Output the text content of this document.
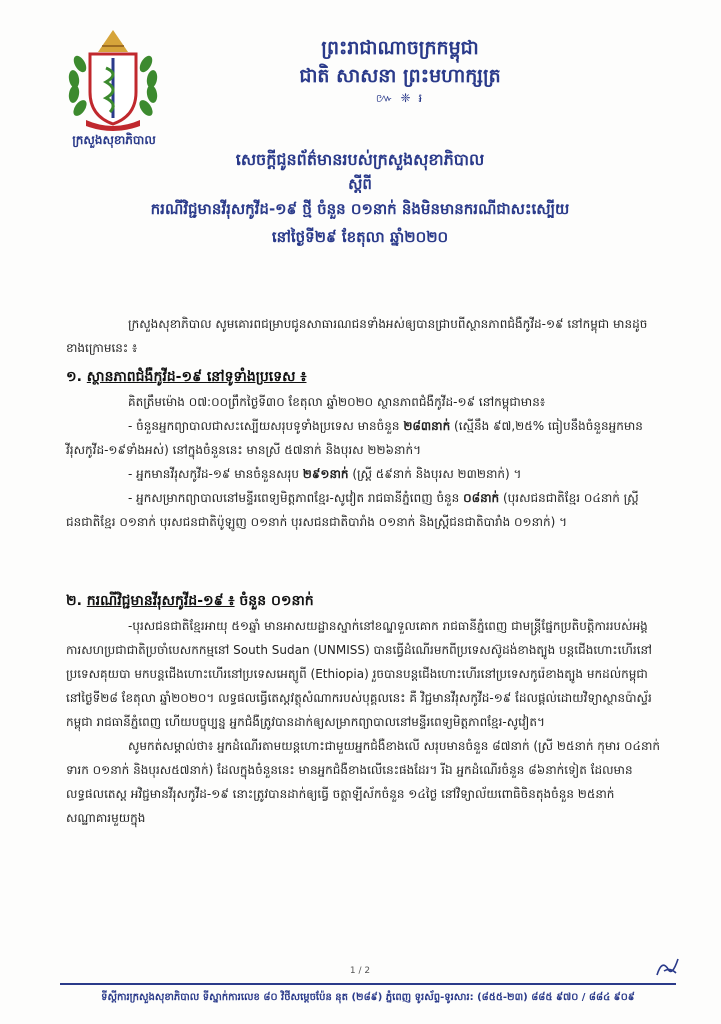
ក្រសួងសុខាភិបាល
ព្រះរាជាណាចក្រកម្ពុជា
ជាតិ សាសនា ព្រះមហាក្សត្រ
៚ ❈ ៛
សេចក្តីជូនព័ត៌មានរបស់ក្រសួងសុខាភិបាល
ស្តីពី
ករណីវិជ្ជមានវីរុសកូវីដ-១៩ ថ្មី ចំនួន ០១នាក់ និងមិនមានករណីជាសះស្បើយ
នៅថ្ងៃទី២៩ ខែតុលា ឆ្នាំ២០២០
ក្រសួងសុខាភិបាល សូមគោរពជម្រាបជូនសាធារណជនទាំងអស់ឲ្យបានជ្រាបពីស្ថានភាពជំងឺកូវីដ-១៩ នៅកម្ពុជា មានដូចខាងក្រោមនេះ ៖
១. ស្ថានភាពជំងឺកូវីដ-១៩ នៅទូទាំងប្រទេស ៖
គិតត្រឹមម៉ោង ០៧:០០ព្រឹកថ្ងៃទី៣០ ខែតុលា ឆ្នាំ២០២០ ស្ថានភាពជំងឺកូវីដ-១៩ នៅកម្ពុជាមាន៖
- ចំនួនអ្នកព្យាបាលជាសះស្បើយសរុបទូទាំងប្រទេស មានចំនួន ២៨៣នាក់ (ស្មើនឹង ៩៧,២៥% ធៀបនឹងចំនួនអ្នកមានវីរុសកូវីដ-១៩ទាំងអស់) នៅក្នុងចំនួននេះ មានស្រី ៥៧នាក់ និងបុរស ២២៦នាក់។
- អ្នកមានវីរុសកូវីដ-១៩ មានចំនួនសរុប ២៩១នាក់ (ស្ត្រី ៥៩នាក់ និងបុរស ២៣២នាក់) ។
- អ្នកសម្រាកព្យាបាលនៅមន្ទីរពេទ្យមិត្តភាពខ្មែរ-សូវៀត រាជធានីភ្នំពេញ ចំនួន ០៨នាក់ (បុរសជនជាតិខ្មែរ ០៤នាក់ ស្ត្រីជនជាតិខ្មែរ ០១នាក់ បុរសជនជាតិប៉ូឡូញ ០១នាក់ បុរសជនជាតិបារាំង ០១នាក់ និងស្ត្រីជនជាតិបារាំង ០១នាក់) ។
២. ករណីវិជ្ជមានវីរុសកូវីដ-១៩ ៖ ចំនួន ០១នាក់
-បុរសជនជាតិខ្មែរអាយុ ៥១ឆ្នាំ មានអាសយដ្ឋានស្នាក់នៅខណ្ឌទួលគោក រាជធានីភ្នំពេញ ជាមន្ត្រីផ្នែកប្រតិបត្តិការរបស់អង្គការសហប្រជាជាតិប្រចាំបេសកកម្មនៅ South Sudan (UNMISS) បានធ្វើដំណើរមកពីប្រទេសស៊ូដង់ខាងត្បូង បន្តជើងហោះហើរនៅប្រទេសគុយបា មកបន្តជើងហោះហើរនៅប្រទេសអេត្យូពី (Ethiopia) រួចបានបន្តជើងហោះហើរនៅប្រទេសកូរ៉េខាងត្បូង មកដល់កម្ពុជានៅថ្ងៃទី២៨ ខែតុលា ឆ្នាំ២០២០។ លទ្ធផលធ្វើតេស្តវត្ថុសំណាករបស់បុគ្គលនេះ គឺ វិជ្ជមានវីរុសកូវីដ-១៩ ដែលផ្តល់ដោយវិទ្យាស្ថានប៉ាស្ទ័រកម្ពុជា រាជធានីភ្នំពេញ ហើយបច្ចុប្បន្ន អ្នកជំងឺត្រូវបានដាក់ឲ្យសម្រាកព្យាបាលនៅមន្ទីរពេទ្យមិត្តភាពខ្មែរ-សូវៀត។
សូមកត់សម្គាល់ថា៖ អ្នកដំណើរតាមយន្តហោះជាមួយអ្នកជំងឺខាងលើ សរុបមានចំនួន ៨៧នាក់ (ស្រី ២៥នាក់ កុមារ ០៤នាក់ ទារក ០១នាក់ និងបុរស៥៧នាក់) ដែលក្នុងចំនួននេះ មានអ្នកជំងឺខាងលើនេះផងដែរ។ រីឯ អ្នកដំណើរចំនួន ៨៦នាក់ទៀត ដែលមានលទ្ធផលតេស្ត អវិជ្ជមានវីរុសកូវីដ-១៩ នោះត្រូវបានដាក់ឲ្យធ្វើ ចត្តាឡីស័កចំនួន ១៤ថ្ងៃ នៅវិទ្យាល័យពោធិចិនតុងចំនួន ២៥នាក់ សណ្ឋាគារមួយក្នុង
1 / 2
ទីស្តីការក្រសួងសុខាភិបាល ទីស្នាក់ការលេខ ៨០ វិថីសម្តេចប៉ែន នុត (២៨៩) ភ្នំពេញ ទូរស័ព្ទ-ទូរសារ: (៨៥៥-២៣) ៨៨៥ ៩៧០ / ៨៨៤ ៩០៩
